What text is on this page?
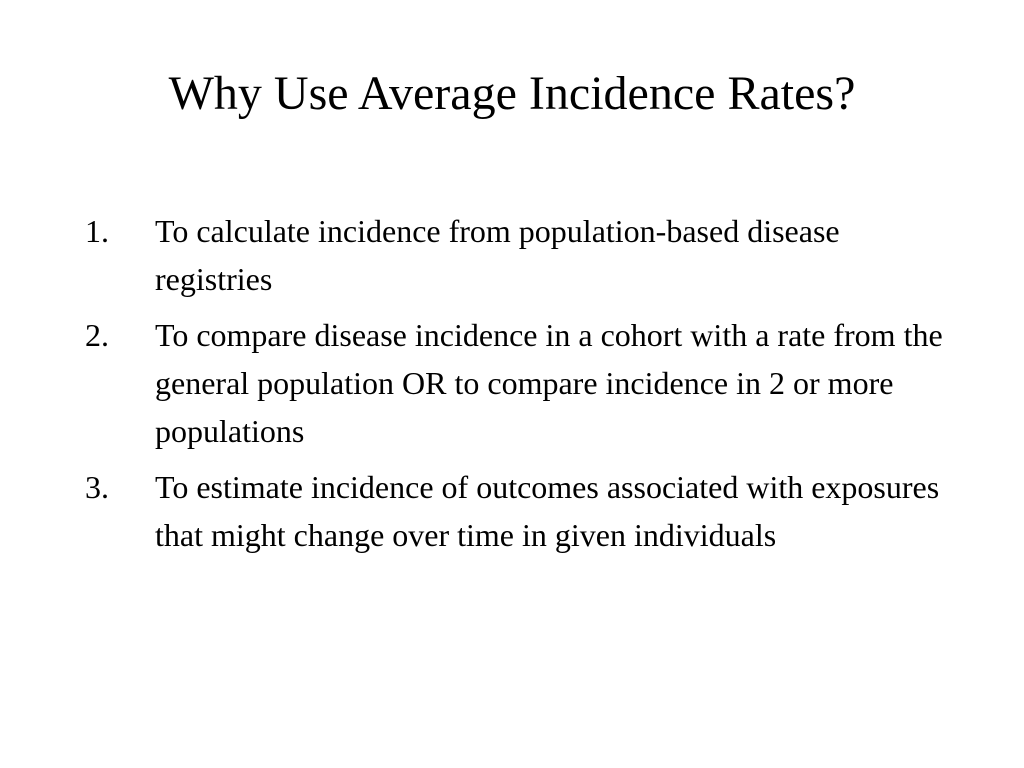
Why Use Average Incidence Rates?
1.	To calculate incidence from population-based disease registries
2.	To compare disease incidence in a cohort with a rate from the general population OR to compare incidence in 2 or more populations
3.	To estimate incidence of outcomes associated with exposures that might change over time in given individuals
